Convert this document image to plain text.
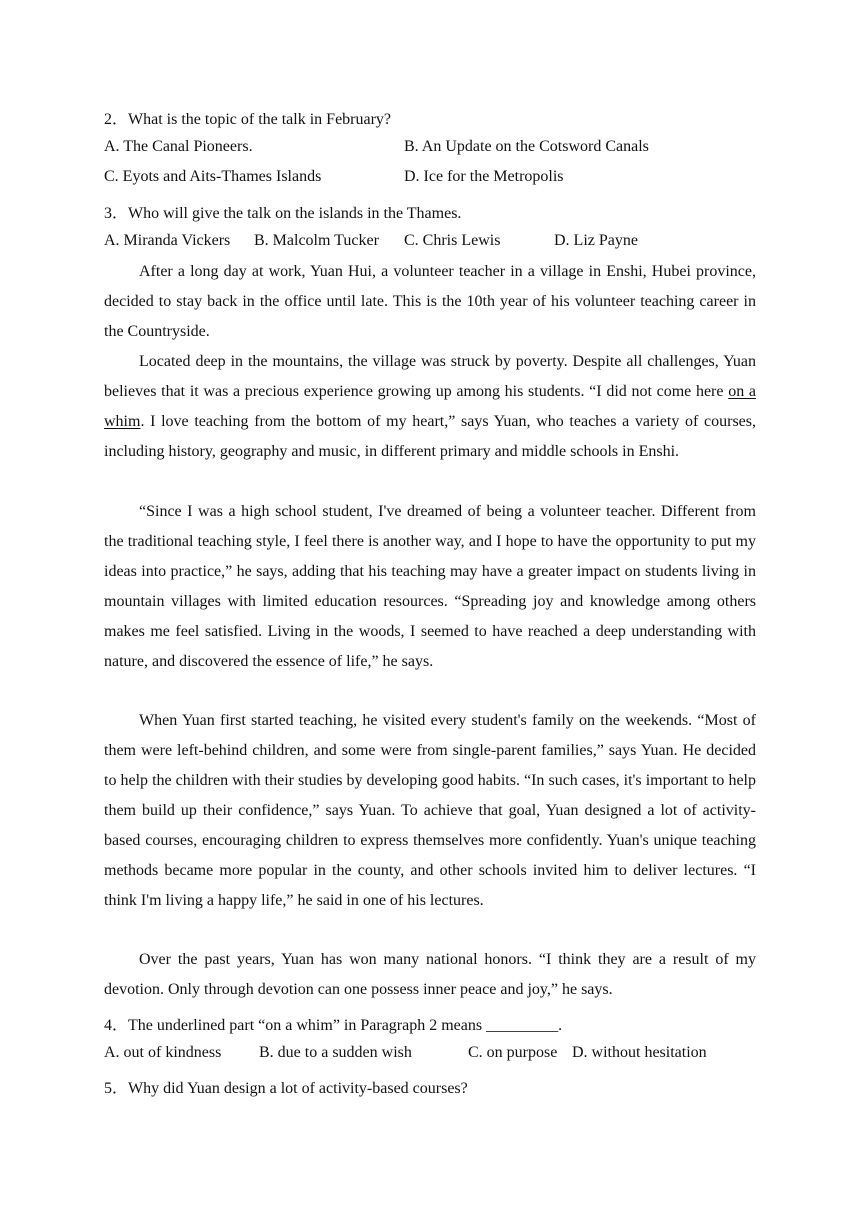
2．What is the topic of the talk in February?
A. The Canal Pioneers.	B. An Update on the Cotsword Canals
C. Eyots and Aits-Thames Islands	D. Ice for the Metropolis
3．Who will give the talk on the islands in the Thames.
A. Miranda Vickers B. Malcolm Tucker C. Chris Lewis	D. Liz Payne

After a long day at work, Yuan Hui, a volunteer teacher in a village in Enshi, Hubei province, decided to stay back in the office until late. This is the 10th year of his volunteer teaching career in the Countryside.

Located deep in the mountains, the village was struck by poverty. Despite all challenges, Yuan believes that it was a precious experience growing up among his students. “I did not come here on a whim. I love teaching from the bottom of my heart,” says Yuan, who teaches a variety of courses, including history, geography and music, in different primary and middle schools in Enshi.

“Since I was a high school student, I've dreamed of being a volunteer teacher. Different from the traditional teaching style, I feel there is another way, and I hope to have the opportunity to put my ideas into practice,” he says, adding that his teaching may have a greater impact on students living in mountain villages with limited education resources. “Spreading joy and knowledge among others makes me feel satisfied. Living in the woods, I seemed to have reached a deep understanding with nature, and discovered the essence of life,” he says.

When Yuan first started teaching, he visited every student's family on the weekends. “Most of them were left-behind children, and some were from single-parent families,” says Yuan. He decided to help the children with their studies by developing good habits. “In such cases, it's important to help them build up their confidence,” says Yuan. To achieve that goal, Yuan designed a lot of activity-based courses, encouraging children to express themselves more confidently. Yuan's unique teaching methods became more popular in the county, and other schools invited him to deliver lectures. “I think I'm living a happy life,” he said in one of his lectures.

Over the past years, Yuan has won many national honors. “I think they are a result of my devotion. Only through devotion can one possess inner peace and joy,” he says.

4．The underlined part “on a whim” in Paragraph 2 means _________.
A. out of kindness B. due to a sudden wish	C. on purpose D. without hesitation
5．Why did Yuan design a lot of activity-based courses?
